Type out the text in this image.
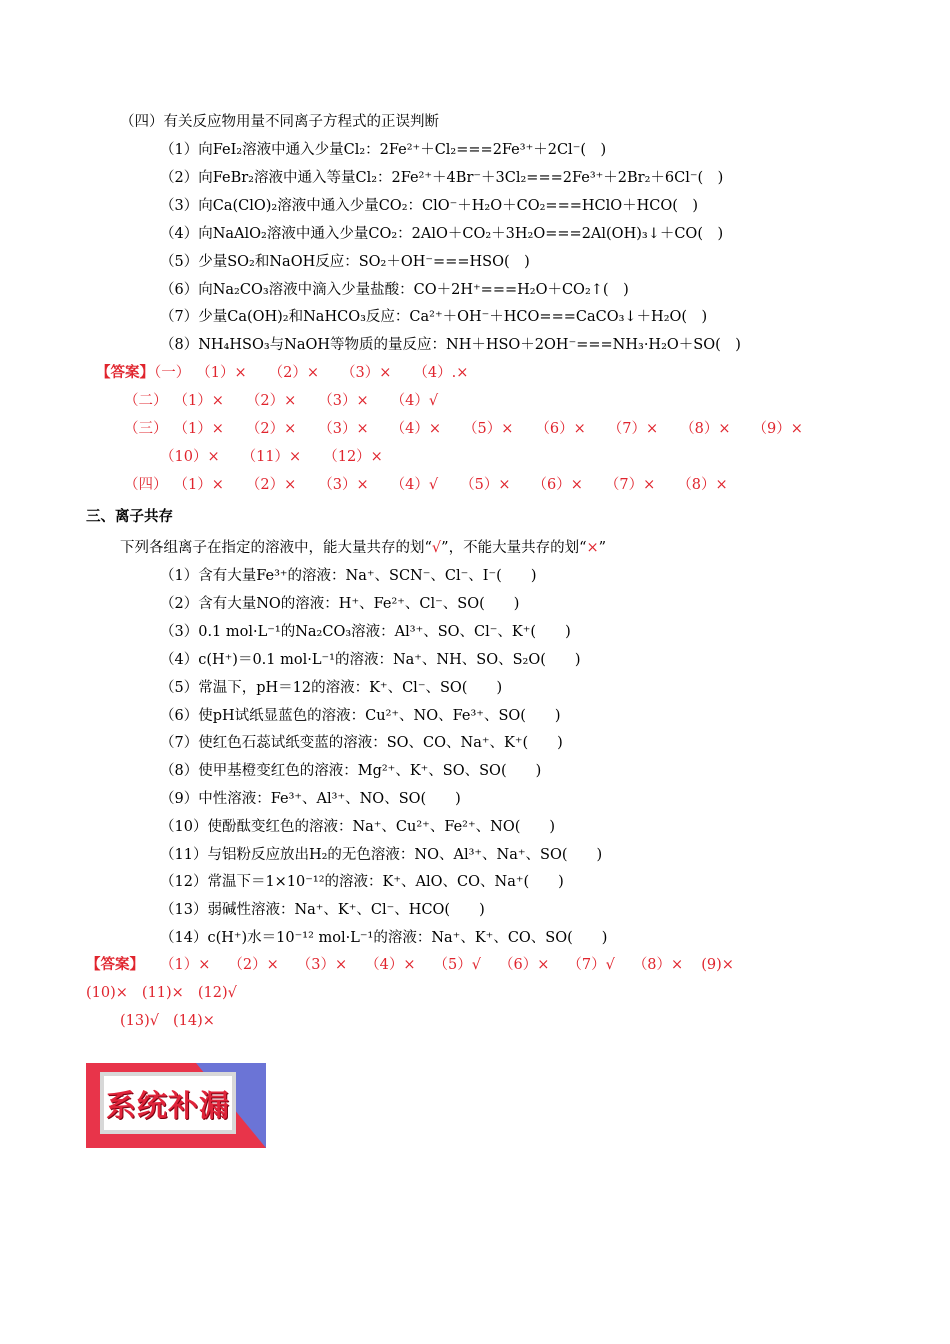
（四）有关反应物用量不同离子方程式的正误判断
（1）向FeI₂溶液中通入少量Cl₂：2Fe²⁺＋Cl₂===2Fe³⁺＋2Cl⁻(　)
（2）向FeBr₂溶液中通入等量Cl₂：2Fe²⁺＋4Br⁻＋3Cl₂===2Fe³⁺＋2Br₂＋6Cl⁻(　)
（3）向Ca(ClO)₂溶液中通入少量CO₂：ClO⁻＋H₂O＋CO₂===HClO＋HCO(　)
（4）向NaAlO₂溶液中通入少量CO₂：2AlO＋CO₂＋3H₂O===2Al(OH)₃↓＋CO(　)
（5）少量SO₂和NaOH反应：SO₂＋OH⁻===HSO(　)
（6）向Na₂CO₃溶液中滴入少量盐酸：CO＋2H⁺===H₂O＋CO₂↑(　)
（7）少量Ca(OH)₂和NaHCO₃反应：Ca²⁺＋OH⁻＋HCO===CaCO₃↓＋H₂O(　)
（8）NH₄HSO₃与NaOH等物质的量反应：NH＋HSO＋2OH⁻===NH₃·H₂O＋SO(　)
【答案】（一） （1）× （2）× （3）× （4）.×
（二） （1）× （2）× （3）× （4）√
（三） （1）× （2）× （3）× （4）× （5）× （6）× （7）× （8）× （9）×
（10）× （11）× （12）×
（四） （1）× （2）× （3）× （4）√ （5）× （6）× （7）× （8）×
三、离子共存
下列各组离子在指定的溶液中，能大量共存的划“√”，不能大量共存的划“×”
（1）含有大量Fe³⁺的溶液：Na⁺、SCN⁻、Cl⁻、I⁻(　　)
（2）含有大量NO的溶液：H⁺、Fe²⁺、Cl⁻、SO(　　)
（3）0.1 mol·L⁻¹的Na₂CO₃溶液：Al³⁺、SO、Cl⁻、K⁺(　　)
（4）c(H⁺)＝0.1 mol·L⁻¹的溶液：Na⁺、NH、SO、S₂O(　　)
（5）常温下，pH＝12的溶液：K⁺、Cl⁻、SO(　　)
（6）使pH试纸显蓝色的溶液：Cu²⁺、NO、Fe³⁺、SO(　　)
（7）使红色石蕊试纸变蓝的溶液：SO、CO、Na⁺、K⁺(　　)
（8）使甲基橙变红色的溶液：Mg²⁺、K⁺、SO、SO(　　)
（9）中性溶液：Fe³⁺、Al³⁺、NO、SO(　　)
（10）使酚酞变红色的溶液：Na⁺、Cu²⁺、Fe²⁺、NO(　　)
（11）与铝粉反应放出H₂的无色溶液：NO、Al³⁺、Na⁺、SO(　　)
（12）常温下＝1×10⁻¹²的溶液：K⁺、AlO、CO、Na⁺(　　)
（13）弱碱性溶液：Na⁺、K⁺、Cl⁻、HCO(　　)
（14）c(H⁺)水＝10⁻¹² mol·L⁻¹的溶液：Na⁺、K⁺、CO、SO(　　)
【答案】 （1）× （2）× （3）× （4）× （5）√ （6）× （7）√ （8）× (9)×
(10)× (11)× (12)√
(13)√ (14)×
系统补漏
